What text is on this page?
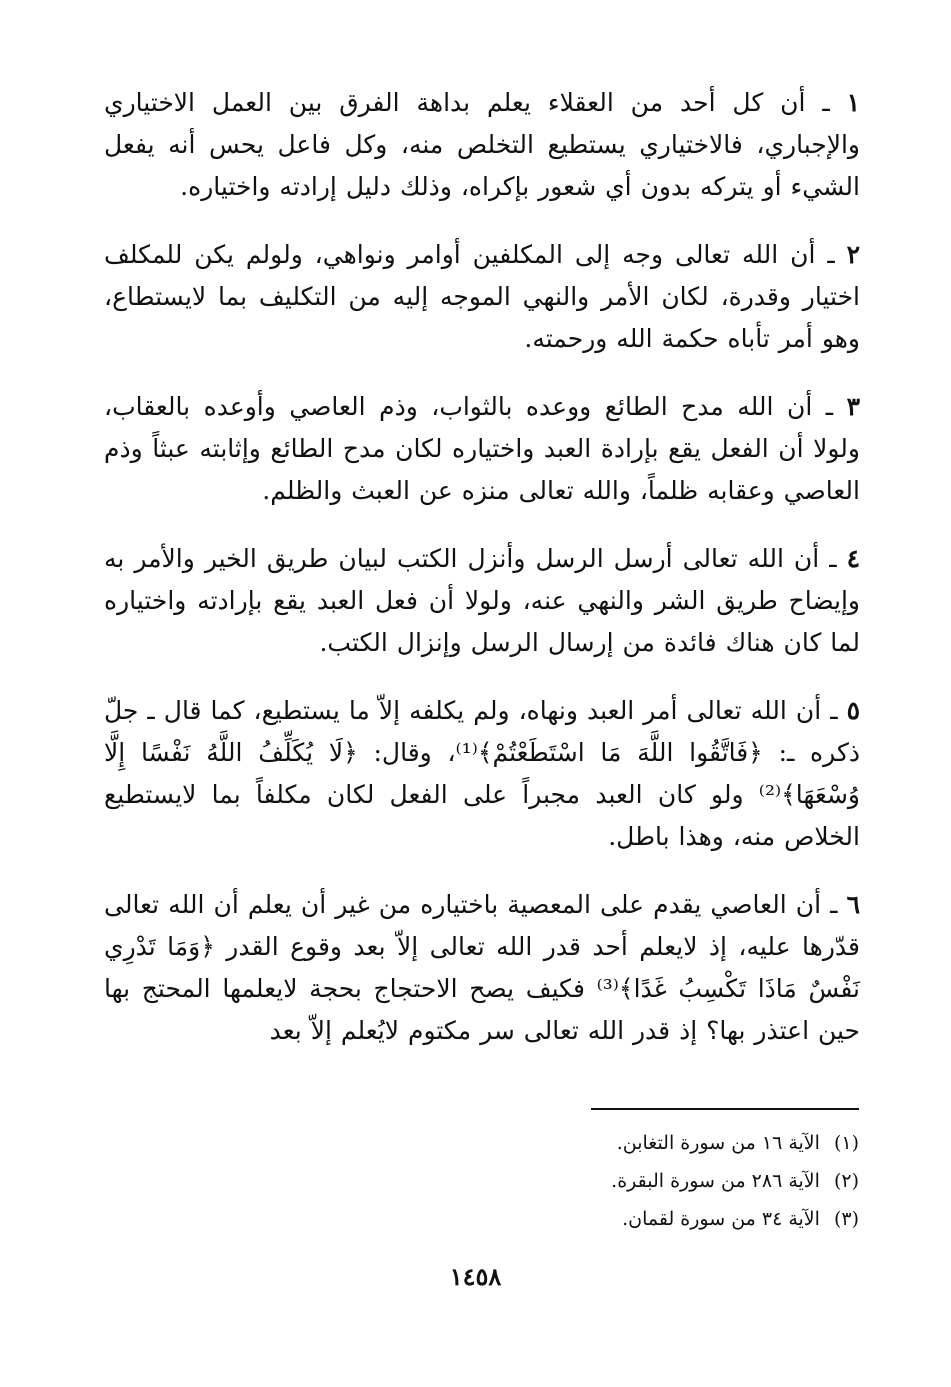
١ ـ أن كل أحد من العقلاء يعلم بداهة الفرق بين العمل الاختياري والإجباري، فالاختياري يستطيع التخلص منه، وكل فاعل يحس أنه يفعل الشيء أو يتركه بدون أي شعور بإكراه، وذلك دليل إرادته واختياره.

٢ ـ أن الله تعالى وجه إلى المكلفين أوامر ونواهي، ولولم يكن للمكلف اختيار وقدرة، لكان الأمر والنهي الموجه إليه من التكليف بما لايستطاع، وهو أمر تأباه حكمة الله ورحمته.

٣ ـ أن الله مدح الطائع ووعده بالثواب، وذم العاصي وأوعده بالعقاب، ولولا أن الفعل يقع بإرادة العبد واختياره لكان مدح الطائع وإثابته عبثاً وذم العاصي وعقابه ظلماً، والله تعالى منزه عن العبث والظلم.

٤ ـ أن الله تعالى أرسل الرسل وأنزل الكتب لبيان طريق الخير والأمر به وإيضاح طريق الشر والنهي عنه، ولولا أن فعل العبد يقع بإرادته واختياره لما كان هناك فائدة من إرسال الرسل وإنزال الكتب.

٥ ـ أن الله تعالى أمر العبد ونهاه، ولم يكلفه إلاّ ما يستطيع، كما قال ـ جلّ ذكره ـ: ﴿فَاتَّقُوا اللَّهَ مَا اسْتَطَعْتُمْ﴾⁽¹⁾، وقال: ﴿لَا يُكَلِّفُ اللَّهُ نَفْسًا إِلَّا وُسْعَهَا﴾⁽²⁾ ولو كان العبد مجبراً على الفعل لكان مكلفاً بما لايستطيع الخلاص منه، وهذا باطل.

٦ ـ أن العاصي يقدم على المعصية باختياره من غير أن يعلم أن الله تعالى قدّرها عليه، إذ لايعلم أحد قدر الله تعالى إلاّ بعد وقوع القدر ﴿وَمَا تَدْرِي نَفْسٌ مَاذَا تَكْسِبُ غَدًا﴾⁽³⁾ فكيف يصح الاحتجاج بحجة لايعلمها المحتج بها حين اعتذر بها؟ إذ قدر الله تعالى سر مكتوم لايُعلم إلاّ بعد

(١)الآية ١٦ من سورة التغابن.

(٢)الآية ٢٨٦ من سورة البقرة.

(٣)الآية ٣٤ من سورة لقمان.

١٤٥٨
